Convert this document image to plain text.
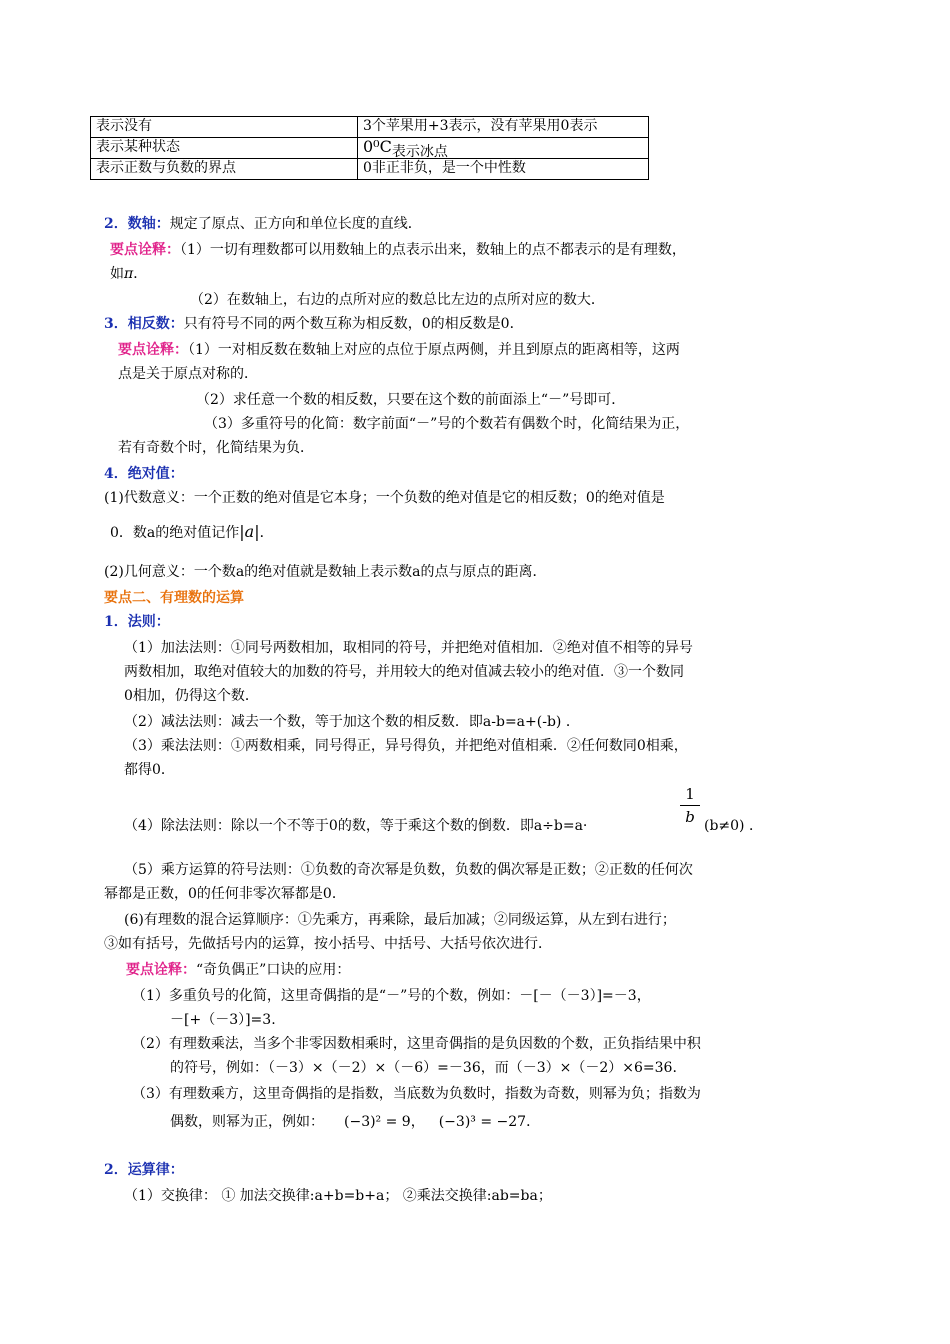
表示没有	3个苹果用+3表示，没有苹果用0表示
表示某种状态	0⁰C表示冰点
表示正数与负数的界点	0非正非负，是一个中性数
2．数轴：规定了原点、正方向和单位长度的直线．
要点诠释：（1）一切有理数都可以用数轴上的点表示出来，数轴上的点不都表示的是有理数，
如π．
（2）在数轴上，右边的点所对应的数总比左边的点所对应的数大．
3．相反数：只有符号不同的两个数互称为相反数，0的相反数是0．
要点诠释：（1）一对相反数在数轴上对应的点位于原点两侧，并且到原点的距离相等，这两
点是关于原点对称的．
（2）求任意一个数的相反数，只要在这个数的前面添上“－”号即可．
（3）多重符号的化简：数字前面“－”号的个数若有偶数个时，化简结果为正，
若有奇数个时，化简结果为负．
4．绝对值：
(1)代数意义：一个正数的绝对值是它本身；一个负数的绝对值是它的相反数；0的绝对值是
0．数a的绝对值记作|a|．
(2)几何意义：一个数a的绝对值就是数轴上表示数a的点与原点的距离．
要点二、有理数的运算
1．法则：
（1）加法法则：①同号两数相加，取相同的符号，并把绝对值相加．②绝对值不相等的异号
两数相加，取绝对值较大的加数的符号，并用较大的绝对值减去较小的绝对值．③一个数同
0相加，仍得这个数．
（2）减法法则：减去一个数，等于加这个数的相反数．即a-b=a+(-b) ．
（3）乘法法则：①两数相乘，同号得正，异号得负，并把绝对值相乘．②任何数同0相乘，
都得0．
（4）除法法则：除以一个不等于0的数，等于乘这个数的倒数．即a÷b=a·	$\frac{1}{b} (b\ne 0)$ ．
（5）乘方运算的符号法则：①负数的奇次幂是负数，负数的偶次幂是正数；②正数的任何次
幂都是正数，0的任何非零次幂都是0．
(6)有理数的混合运算顺序：①先乘方，再乘除，最后加减；②同级运算，从左到右进行；
③如有括号，先做括号内的运算，按小括号、中括号、大括号依次进行．
要点诠释：“奇负偶正”口诀的应用：
（1）多重负号的化简，这里奇偶指的是“－”号的个数，例如：－[－（－3）]=－3，
－[+（－3）]=3.
（2）有理数乘法，当多个非零因数相乘时，这里奇偶指的是负因数的个数，正负指结果中积
的符号，例如：（－3）×（－2）×（－6）=－36，而（－3）×（－2）×6=36.
（3）有理数乘方，这里奇偶指的是指数，当底数为负数时，指数为奇数，则幂为负；指数为
偶数，则幂为正，例如： (−3)² = 9， (−3)³ = −27．
2．运算律：
（1）交换律： ① 加法交换律:a+b=b+a； ②乘法交换律:ab=ba；
